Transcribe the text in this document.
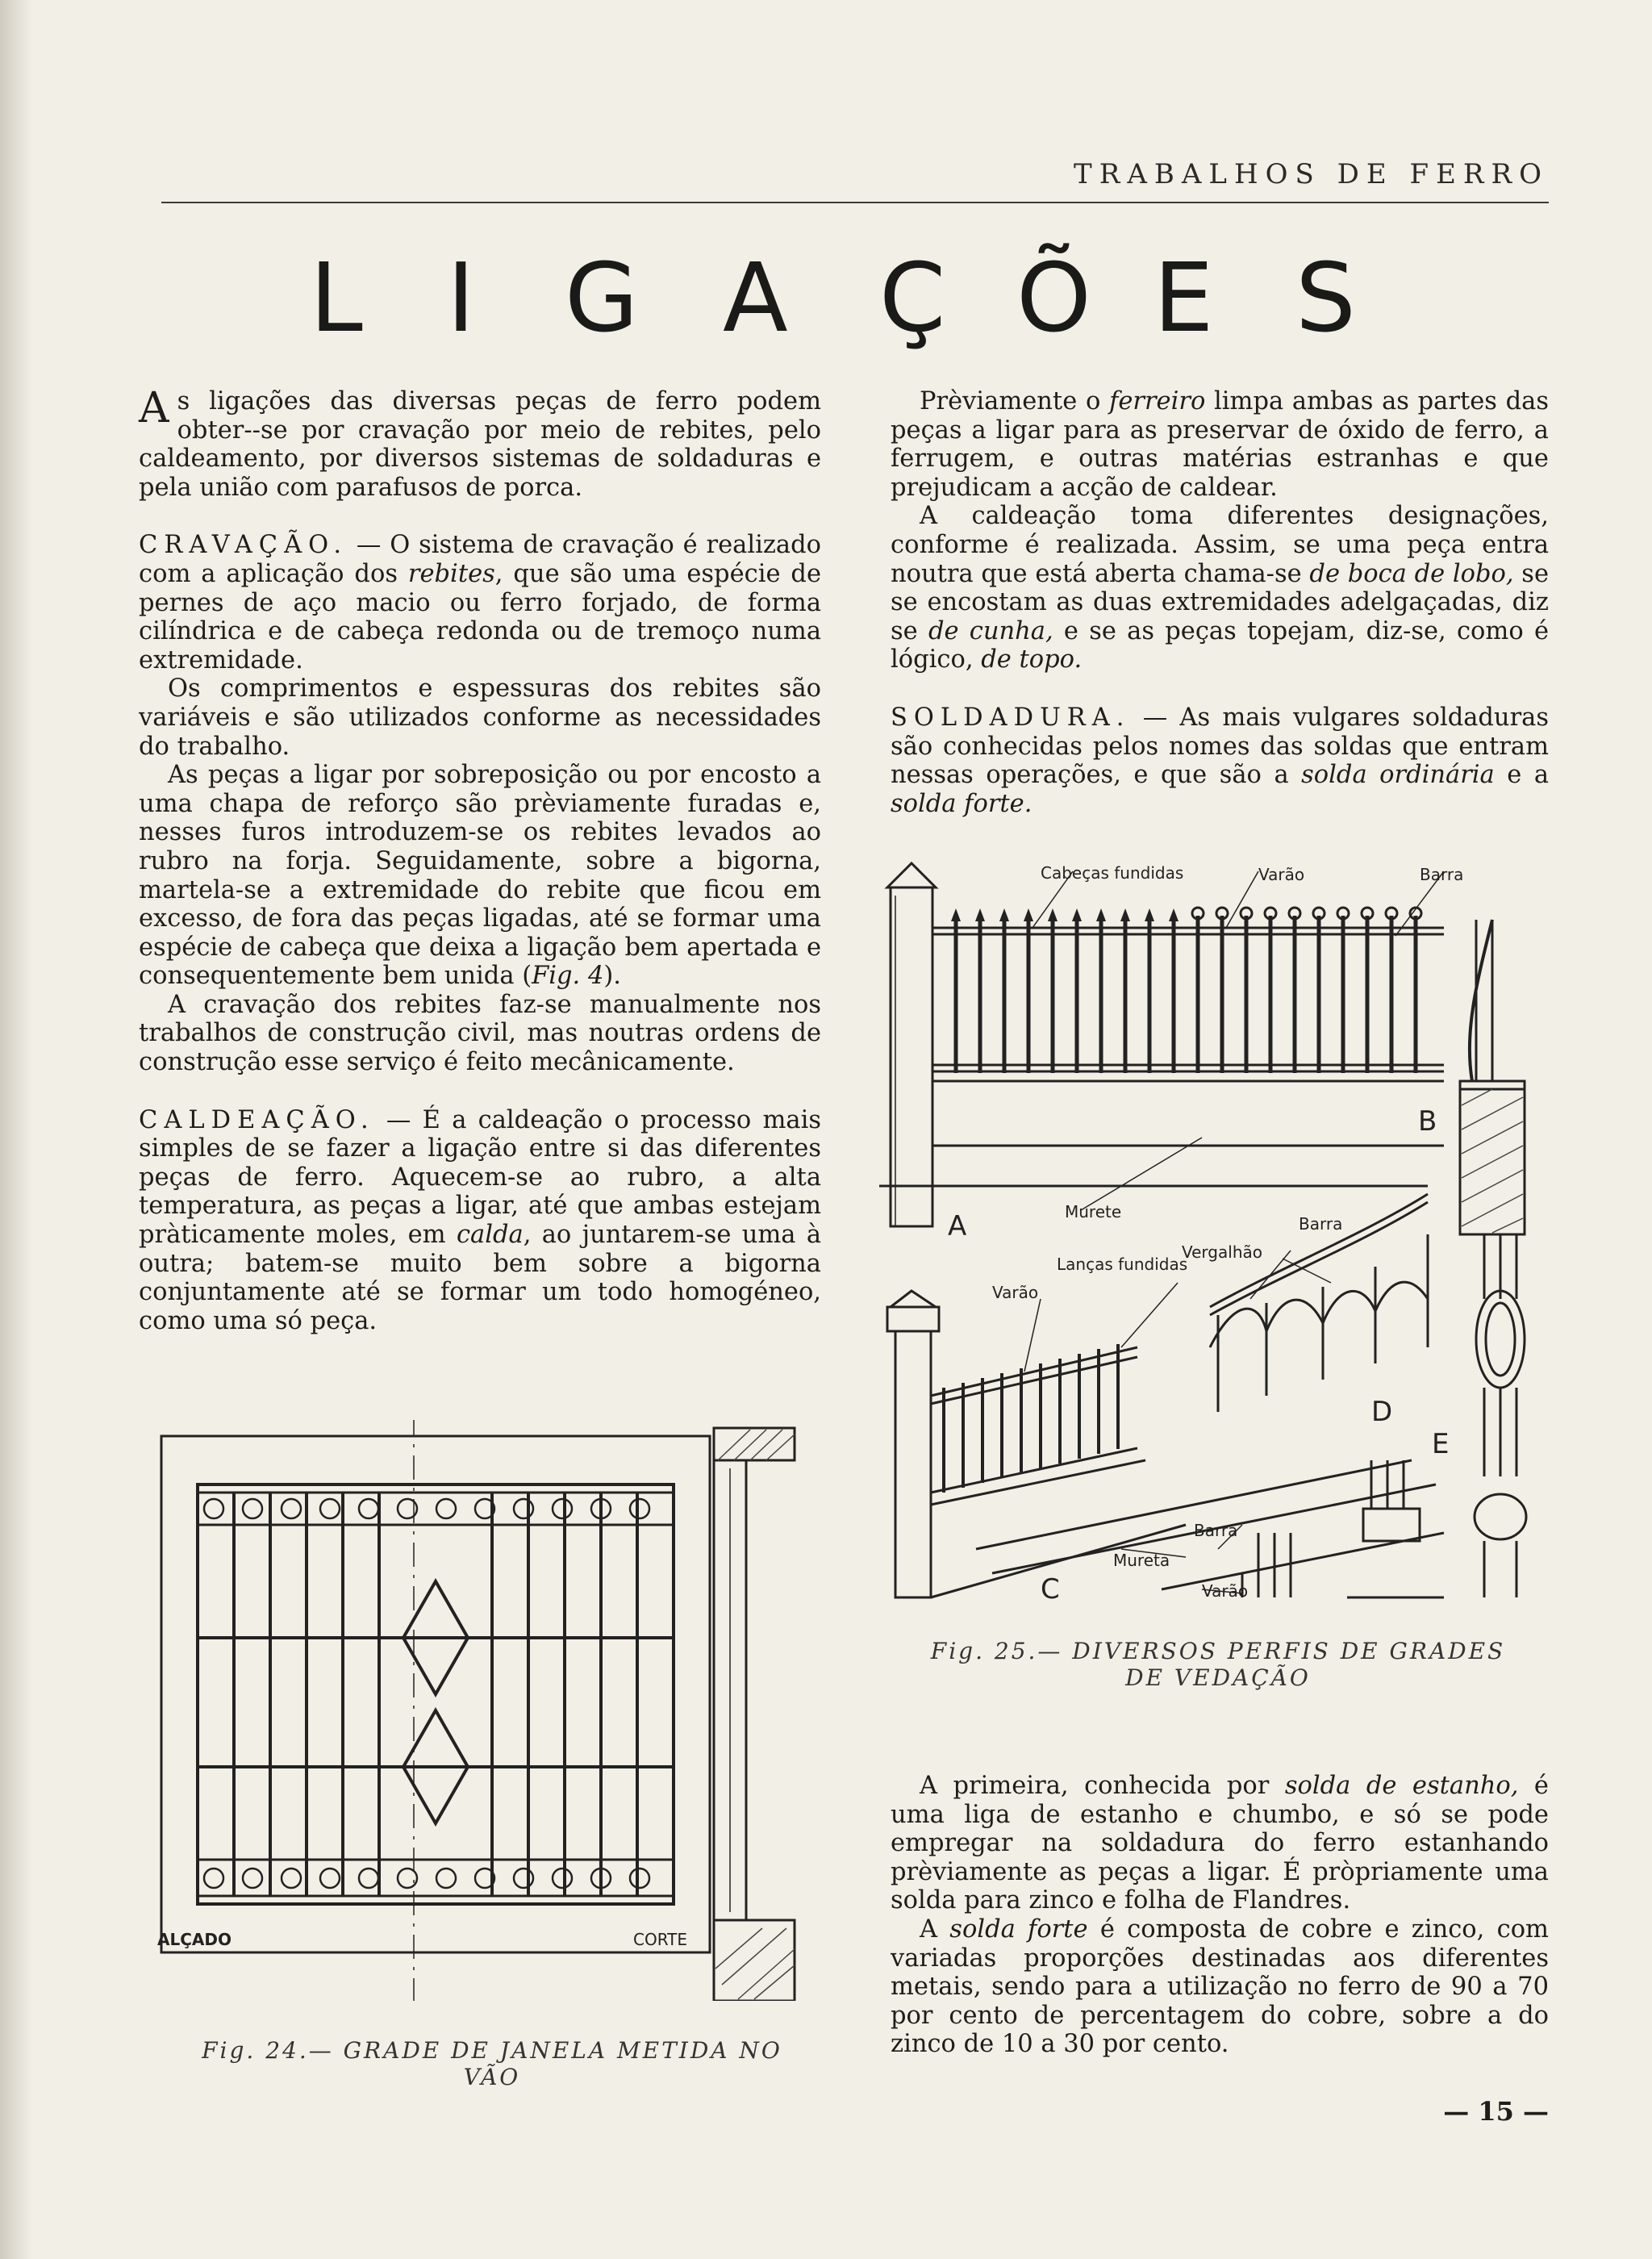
TRABALHOS DE FERRO
L I G A Ç Õ E S

As ligações das diversas peças de ferro podem obter--se por cravação por meio de rebites, pelo caldeamento, por diversos sistemas de soldaduras e pela união com parafusos de porca.

CRAVAÇÃO. — O sistema de cravação é realizado com a aplicação dos rebites, que são uma espécie de pernes de aço macio ou ferro forjado, de forma cilíndrica e de cabeça redonda ou de tremoço numa extremidade.

Os comprimentos e espessuras dos rebites são variáveis e são utilizados conforme as necessidades do trabalho.

As peças a ligar por sobreposição ou por encosto a uma chapa de reforço são prèviamente furadas e, nesses furos introduzem-se os rebites levados ao rubro na forja. Seguidamente, sobre a bigorna, martela-se a extremidade do rebite que ficou em excesso, de fora das peças ligadas, até se formar uma espécie de cabeça que deixa a ligação bem apertada e consequentemente bem unida (Fig. 4).

A cravação dos rebites faz-se manualmente nos trabalhos de construção civil, mas noutras ordens de construção esse serviço é feito mecânicamente.

CALDEAÇÃO. — É a caldeação o processo mais simples de se fazer a ligação entre si das diferentes peças de ferro. Aquecem-se ao rubro, a alta temperatura, as peças a ligar, até que ambas estejam pràticamente moles, em calda, ao juntarem-se uma à outra; batem-se muito bem sobre a bigorna conjuntamente até se formar um todo homogéneo, como uma só peça.

Prèviamente o ferreiro limpa ambas as partes das peças a ligar para as preservar de óxido de ferro, a ferrugem, e outras matérias estranhas e que prejudicam a acção de caldear.

A caldeação toma diferentes designações, conforme é realizada. Assim, se uma peça entra noutra que está aberta chama-se de boca de lobo, se se encostam as duas extremidades adelgaçadas, diz se de cunha, e se as peças topejam, diz-se, como é lógico, de topo.

SOLDADURA. — As mais vulgares soldaduras são conhecidas pelos nomes das soldas que entram nessas operações, e que são a solda ordinária e a solda forte.

Cabeças fundidas	Varão	Barra
Murete
Barra
Lanças fundidas
Vergalhão
Varão
Barra
Mureta
Varão
A
B
C
D
E
Fig. 25.— DIVERSOS PERFIS DE GRADES
DE VEDAÇÃO

A primeira, conhecida por solda de estanho, é uma liga de estanho e chumbo, e só se pode empregar na soldadura do ferro estanhando prèviamente as peças a ligar. É pròpriamente uma solda para zinco e folha de Flandres.

A solda forte é composta de cobre e zinco, com variadas proporções destinadas aos diferentes metais, sendo para a utilização no ferro de 90 a 70 por cento de percentagem do cobre, sobre a do zinco de 10 a 30 por cento.

ALÇADO	CORTE
Fig. 24.— GRADE DE JANELA METIDA NO VÃO
— 15 —
